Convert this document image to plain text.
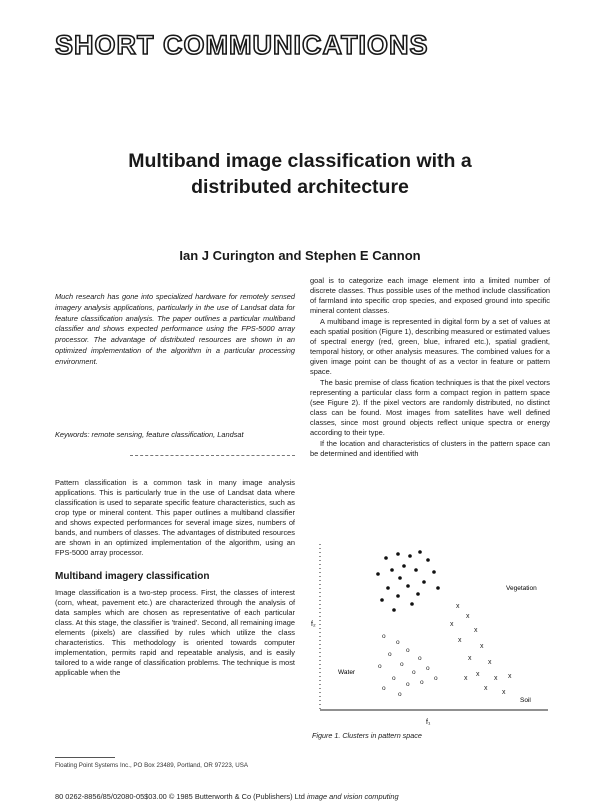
SHORT COMMUNICATIONS
Multiband image classification with a
distributed architecture
Ian J Curington and Stephen E Cannon
Much research has gone into specialized hardware for remotely sensed imagery analysis applications, particularly in the use of Landsat data for feature classification analysis. The paper outlines a particular multiband classifier and shows expected performance using the FPS-5000 array processor. The advantage of distributed resources are shown in an optimized implementation of the algorithm in a particular processing environment.
Keywords: remote sensing, feature classification, Landsat
Pattern classification is a common task in many image analysis applications. This is particularly true in the use of Landsat data where classification is used to separate specific feature characteristics, such as crop type or mineral content. This paper outlines a multiband classifier and shows expected performances for several image sizes, numbers of bands, and numbers of classes. The advantages of distributed resources are shown in an optimized implementation of the algorithm, using an FPS-5000 array processor.
Multiband imagery classification
Image classification is a two-step process. First, the classes of interest (corn, wheat, pavement etc.) are characterized through the analysis of data samples which are chosen as representative of each particular class. At this stage, the classifier is 'trained'. Second, all remaining image elements (pixels) are classified by rules which utilize the class characteristics. This methodology is oriented towards computer implementation, permits rapid and repeatable analysis, and is easily tailored to a wide range of classification problems. The technique is most applicable when the
Floating Point Systems Inc., PO Box 23489, Portland, OR 97223, USA

goal is to categorize each image element into a limited number of discrete classes. Thus possible uses of the method include classification of farmland into specific crop species, and exposed ground into specific mineral content classes.

A multiband image is represented in digital form by a set of values at each spatial position (Figure 1), describing measured or estimated values of spectral energy (red, green, blue, infrared etc.), spatial gradient, temporal history, or other analysis measures. The combined values for a given image point can be thought of as a vector in feature or pattern space.

The basic premise of class fication techniques is that the pixel vectors representing a particular class form a compact region in pattern space (see Figure 2). If the pixel vectors are randomly distributed, no distinct class can be found. Most images from satellites have well defined classes, since most ground objects reflect unique spectra or energy according to their type.

If the location and characteristics of clusters in the pattern space can be determined and identified with

f₂
f₁
Vegetation
x
x
x
x
x
x
x
x
x
x
x
x
x
x
Soil
o
o
o
o
o
o
o
o
o
o
o o
o
o
o
Water
Figure 1. Clusters in pattern space
80 0262-8856/85/02080-05$03.00 © 1985 Butterworth & Co (Publishers) Ltd image and vision computing
